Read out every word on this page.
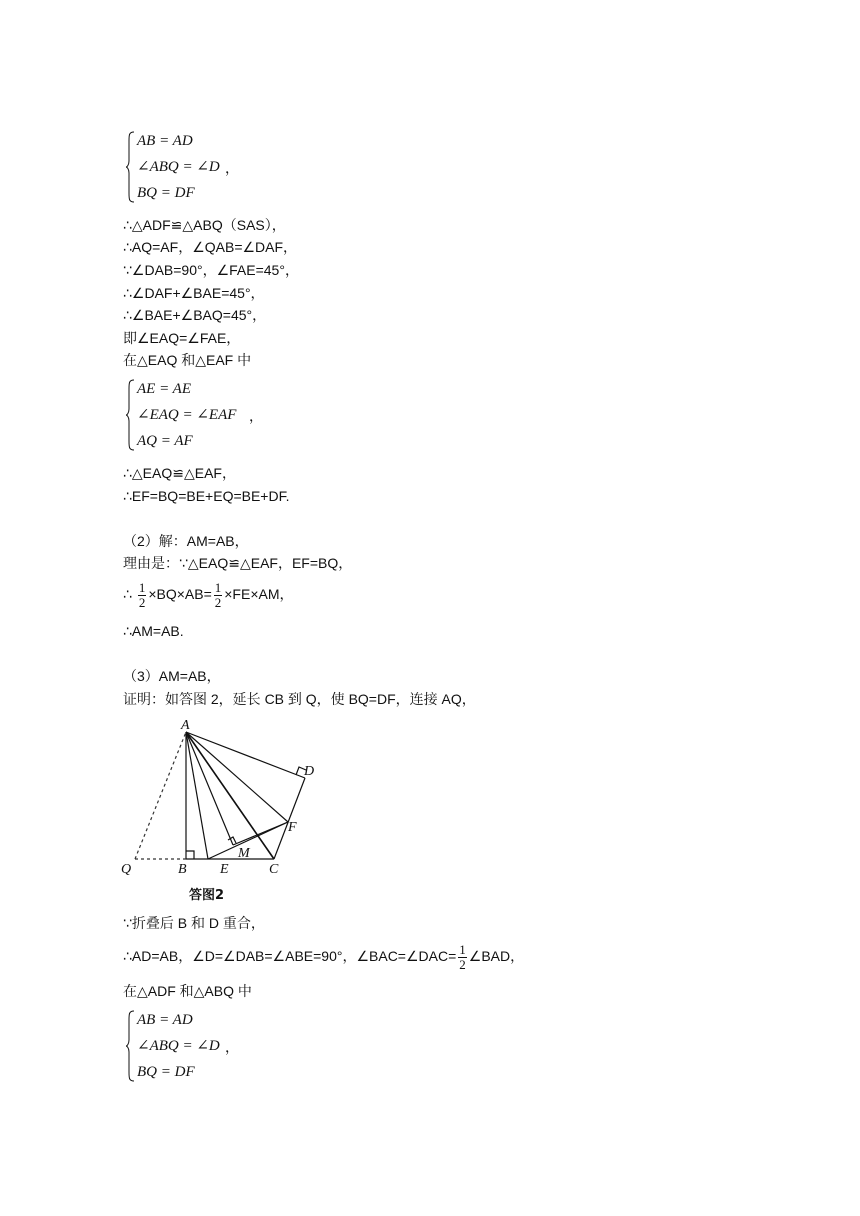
AB = AD
∠ABQ = ∠D
BQ = DF
，
∴△ADF≌△ABQ（SAS），
∴AQ=AF，∠QAB=∠DAF，
∵∠DAB=90°，∠FAE=45°，
∴∠DAF+∠BAE=45°，
∴∠BAE+∠BAQ=45°，
即∠EAQ=∠FAE，
在△EAQ 和△EAF 中
AE = AE
∠EAQ = ∠EAF
AQ = AF
，
∴△EAQ≌△EAF，
∴EF=BQ=BE+EQ=BE+DF.
（2）解：AM=AB，
理由是：∵△EAQ≌△EAF，EF=BQ，
∴ $\frac{1}{2} \times BQ\times AB= \frac{1}{2} \times FE\times AM$，
∴AM=AB.
（3）AM=AB，
证明：如答图 2，延长 CB 到 Q，使 BQ=DF，连接 AQ，
A
D
F
M
Q	B E	C
答图2
∵折叠后 B 和 D 重合，
∴AD=AB，∠D=∠DAB=∠ABE=90°，∠BAC=∠DAC= $\frac{1}{2}$ ∠BAD，
在△ADF 和△ABQ 中
AB = AD
∠ABQ = ∠D
BQ = DF
，
